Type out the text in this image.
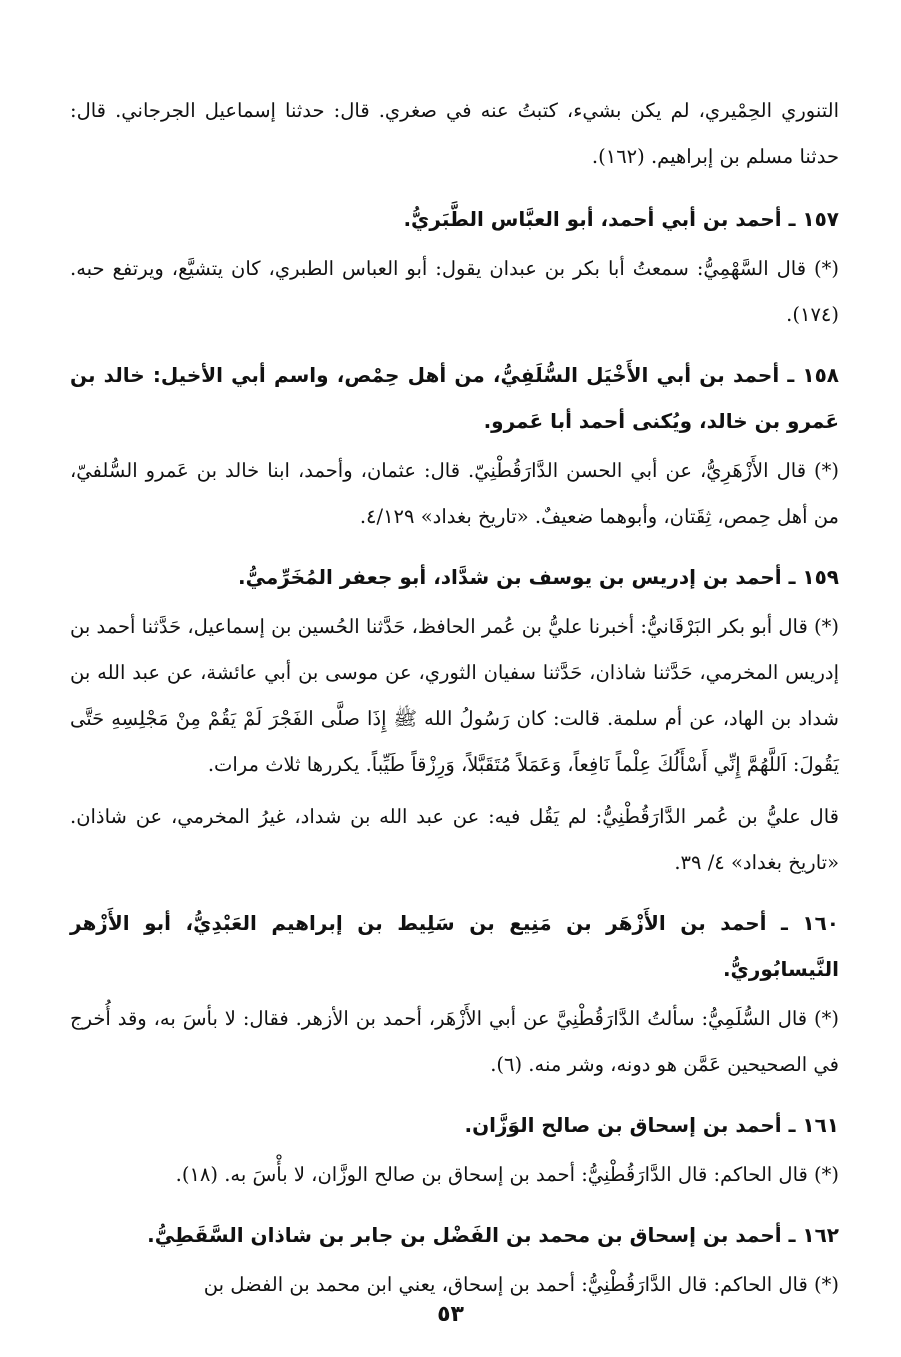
التنوري الحِمْيري، لم يكن بشيء، كتبتُ عنه في صغري. قال: حدثنا إسماعيل الجرجاني. قال: حدثنا مسلم بن إبراهيم. (١٦٢).

١٥٧ ـ أحمد بن أبي أحمد، أبو العبَّاس الطَّبَريُّ.

(*) قال السَّهْمِيُّ: سمعتُ أبا بكر بن عبدان يقول: أبو العباس الطبري، كان يتشيَّع، ويرتفع حبه. (١٧٤).

١٥٨ ـ أحمد بن أبي الأَخْيَل السُّلَفِيُّ، من أهل حِمْص، واسم أبي الأخيل: خالد بن عَمرو بن خالد، ويُكنى أحمد أبا عَمرو.

(*) قال الأَزْهَرِيُّ، عن أبي الحسن الدَّارَقُطْنِيّ. قال: عثمان، وأحمد، ابنا خالد بن عَمرو السُّلفيّ، من أهل حِمص، ثِقَتان، وأبوهما ضعيفٌ. «تاريخ بغداد» ٤/١٢٩.

١٥٩ ـ أحمد بن إدريس بن يوسف بن شدَّاد، أبو جعفر المُخَرِّميُّ.

(*) قال أبو بكر البَرْقَانيُّ: أخبرنا عليُّ بن عُمر الحافظ، حَدَّثنا الحُسين بن إسماعيل، حَدَّثنا أحمد بن إدريس المخرمي، حَدَّثنا شاذان، حَدَّثنا سفيان الثوري، عن موسى بن أبي عائشة، عن عبد الله بن شداد بن الهاد، عن أم سلمة. قالت: كان رَسُولُ الله ﷺ إِذَا صلَّى الفَجْرَ لَمْ يَقُمْ مِنْ مَجْلِسِهِ حَتَّى يَقُولَ: اَللَّهُمَّ إِنِّي أَسْأَلُكَ عِلْماً نَافِعاً، وَعَمَلاً مُتَقَبَّلاً، وَرِزْقاً طَيِّباً. يكررها ثلاث مرات.

قال عليُّ بن عُمر الدَّارَقُطْنِيُّ: لم يَقُل فيه: عن عبد الله بن شداد، غيرُ المخرمي، عن شاذان. «تاريخ بغداد» ٤/ ٣٩.

١٦٠ ـ أحمد بن الأَزْهَر بن مَنِيع بن سَلِيط بن إبراهيم العَبْدِيُّ، أبو الأَزْهر النَّيسابُوريُّ.

(*) قال السُّلَمِيُّ: سألتُ الدَّارَقُطْنِيَّ عن أبي الأَزْهَر، أحمد بن الأزهر. فقال: لا بأسَ به، وقد أُخرج في الصحيحين عَمَّن هو دونه، وشر منه. (٦).

١٦١ ـ أحمد بن إسحاق بن صالح الوَزَّان.

(*) قال الحاكم: قال الدَّارَقُطْنِيُّ: أحمد بن إسحاق بن صالح الوزَّان، لا بأْسَ به. (١٨).

١٦٢ ـ أحمد بن إسحاق بن محمد بن الفَضْل بن جابر بن شاذان السَّقَطِيُّ.

(*) قال الحاكم: قال الدَّارَقُطْنِيُّ: أحمد بن إسحاق، يعني ابن محمد بن الفضل بن

٥٣
